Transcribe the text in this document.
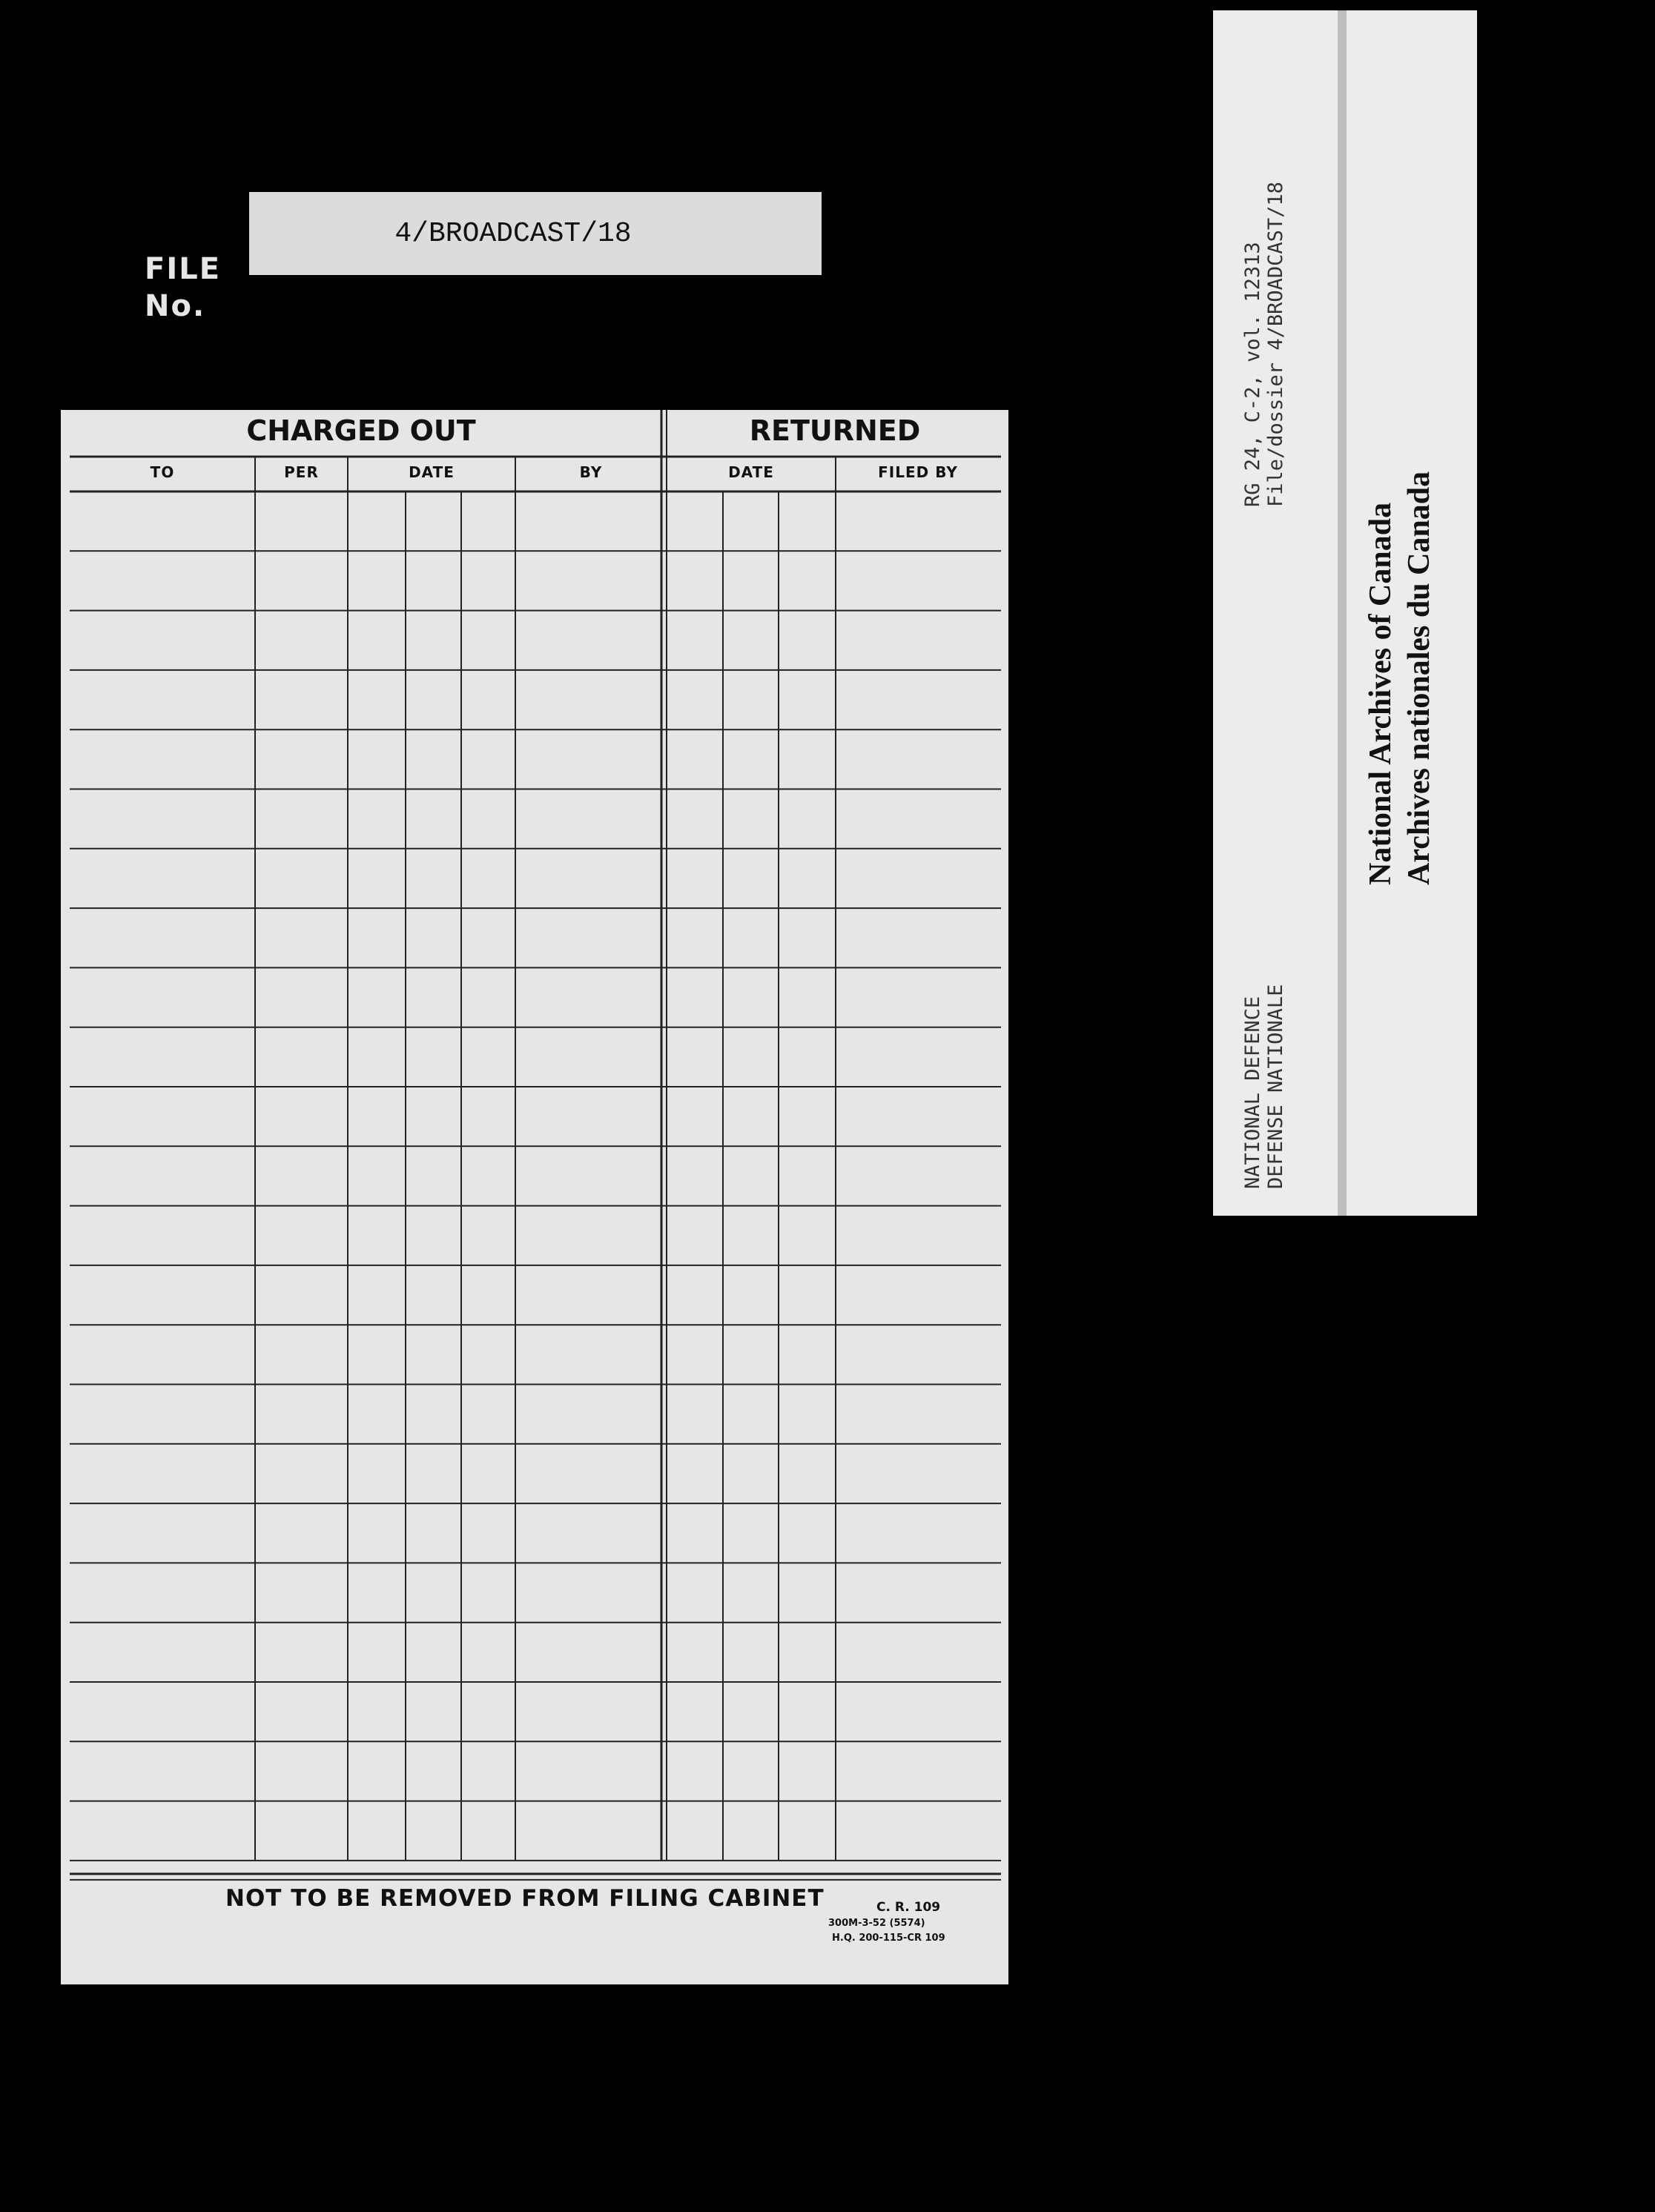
FILE
No.
4/BROADCAST/18
CHARGED OUT	RETURNED
TO	PER	DATE	BY	DATE	FILED BY
NOT TO BE REMOVED FROM FILING CABINET	C. R. 109
300M-3-52 (5574)
H.Q. 200-115-CR 109
RG 24, C-2, vol. 12313 File/dossier 4/BROADCAST/18
NATIONAL DEFENCE DEFENSE NATIONALE
National Archives of Canada Archives nationales du Canada
